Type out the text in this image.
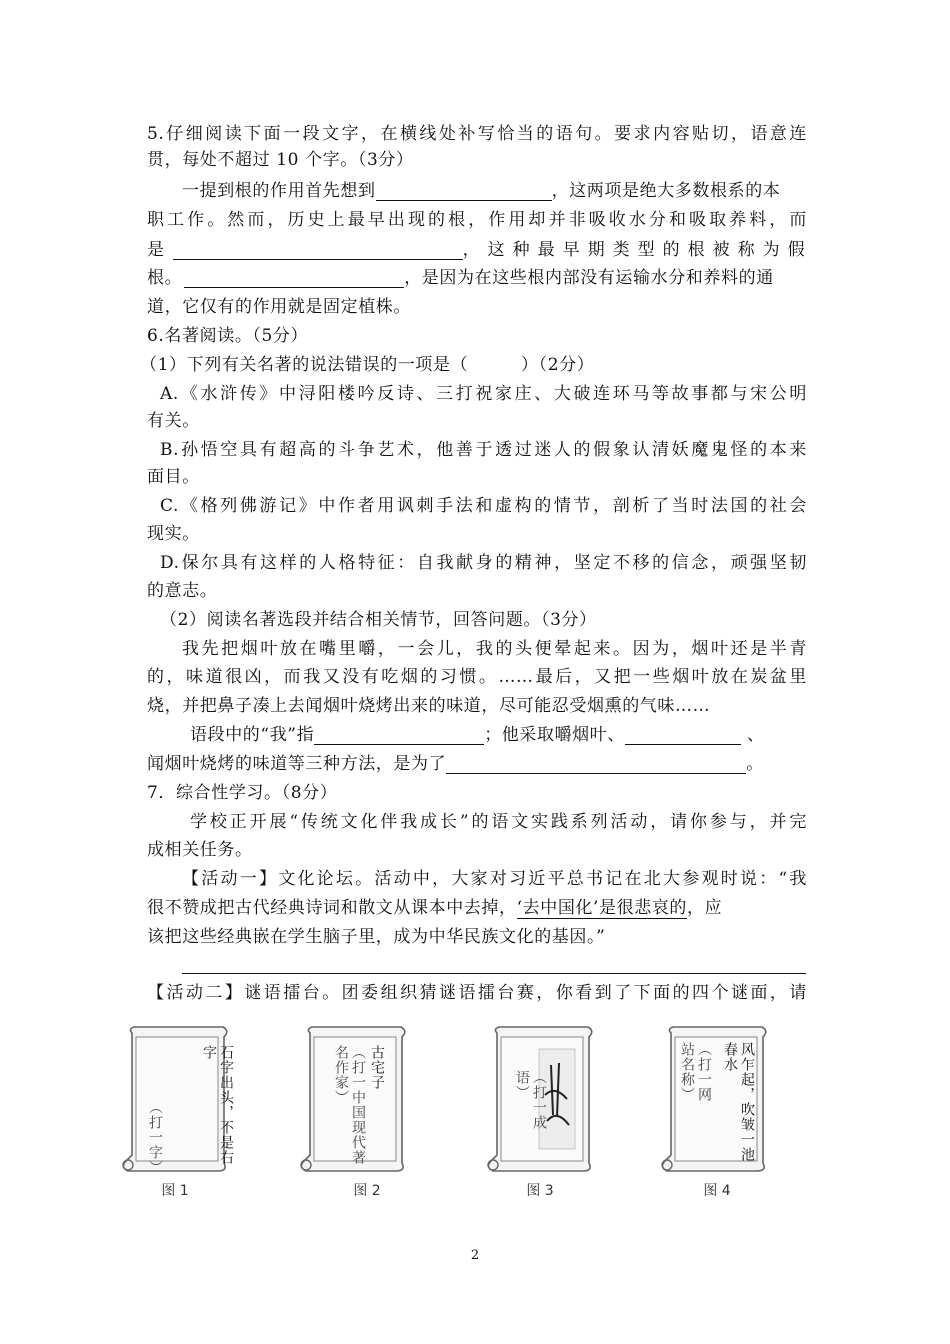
5.仔细阅读下面一段文字，在横线处补写恰当的语句。要求内容贴切，语意连
贯，每处不超过 10 个字。（3分）
一提到根的作用首先想到	，这两项是绝大多数根系的本
职工作。然而，历史上最早出现的根，作用却并非吸收水分和吸取养料，而
是	，这种最早期类型的根被称为假
根。	，是因为在这些根内部没有运输水分和养料的通
道，它仅有的作用就是固定植株。
6.名著阅读。（5分）
（1）下列有关名著的说法错误的一项是（　　　）（2分）
A.《水浒传》中浔阳楼吟反诗、三打祝家庄、大破连环马等故事都与宋公明
有关。
B.孙悟空具有超高的斗争艺术，他善于透过迷人的假象认清妖魔鬼怪的本来
面目。
C.《格列佛游记》中作者用讽刺手法和虚构的情节，剖析了当时法国的社会
现实。
D.保尔具有这样的人格特征：自我献身的精神，坚定不移的信念，顽强坚韧
的意志。
（2）阅读名著选段并结合相关情节，回答问题。（3分）
我先把烟叶放在嘴里嚼，一会儿，我的头便晕起来。因为，烟叶还是半青
的，味道很凶，而我又没有吃烟的习惯。……最后，又把一些烟叶放在炭盆里
烧，并把鼻子凑上去闻烟叶烧烤出来的味道，尽可能忍受烟熏的气味……
语段中的“我”指	；他采取嚼烟叶、	、
闻烟叶烧烤的味道等三种方法，是为了	。
7．综合性学习。（8分）
学校正开展“传统文化伴我成长”的语文实践系列活动，请你参与，并完
成相关任务。
【活动一】文化论坛。活动中，大家对习近平总书记在北大参观时说：“我
很不赞成把古代经典诗词和散文从课本中去掉，‘去中国化’是很悲哀的，应
该把这些经典嵌在学生脑子里，成为中华民族文化的基因。”
【活动二】谜语擂台。团委组织猜谜语擂台赛，你看到了下面的四个谜面，请
石字出头，不是右字
（打一字）
古宅子
（打一中国现代著名作家）	（打一成语）	风乍起，吹皱一池春水
（打一网站名称）
图 1	图 2	图 3	图 4
2
